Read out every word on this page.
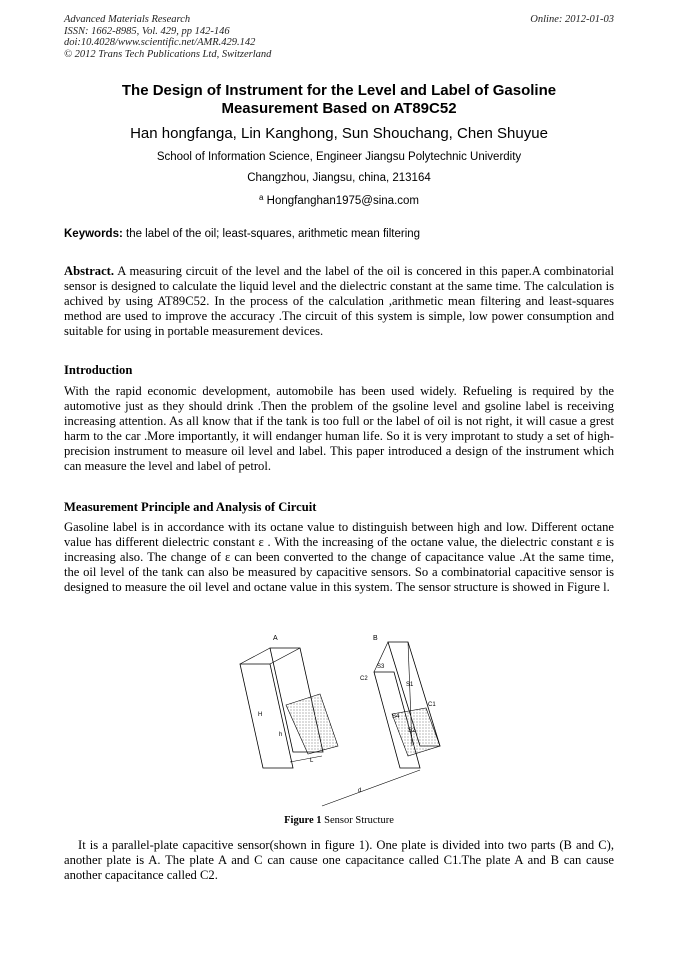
Advanced Materials Research
ISSN: 1662-8985, Vol. 429, pp 142-146
doi:10.4028/www.scientific.net/AMR.429.142
© 2012 Trans Tech Publications Ltd, Switzerland
Online: 2012-01-03
The Design of Instrument for the Level and Label of Gasoline
Measurement Based on AT89C52
Han hongfanga, Lin Kanghong, Sun Shouchang, Chen Shuyue
School of Information Science, Engineer Jiangsu Polytechnic Univerdity
Changzhou, Jiangsu, china, 213164
$^a$ Hongfanghan1975@sina.com
Keywords: the label of the oil; least-squares, arithmetic mean filtering
Abstract. A measuring circuit of the level and the label of the oil is concered in this paper.A combinatorial sensor is designed to calculate the liquid level and the dielectric constant at the same time. The calculation is achived by using AT89C52. In the process of the calculation ,arithmetic mean filtering and least-squares method are used to improve the accuracy .The circuit of this system is simple, low power consumption and suitable for using in portable measurement devices.
Introduction
With the rapid economic development, automobile has been used widely. Refueling is required by the automotive just as they should drink .Then the problem of the gsoline level and gsoline label is receiving increasing attention. As all know that if the tank is too full or the label of oil is not right, it will casue a grest harm to the car .More importantly, it will endanger human life. So it is very improtant to study a set of high-precision instrument to measure oil level and label. This paper introduced a design of the instrument which can measure the level and label of petrol.
Measurement Principle and Analysis of Circuit
Gasoline label is in accordance with its octane value to distinguish between high and low. Different octane value has different dielectric constant ε . With the increasing of the octane value, the dielectric constant ε is increasing also. The change of ε can been converted to the change of capacitance value .At the same time, the oil level of the tank can also be measured by capacitive sensors. So a combinatorial capacitive sensor is designed to measure the oil level and octane value in this system. The sensor structure is showed in Figure l.
A
H
h
L
B
S3
C2
S1
C1
S4
S2
d
Figure 1 Sensor Structure
It is a parallel-plate capacitive sensor(shown in figure 1). One plate is divided into two parts (B and C), another plate is A. The plate A and C can cause one capacitance called C1.The plate A and B can cause another capacitance called C2.
